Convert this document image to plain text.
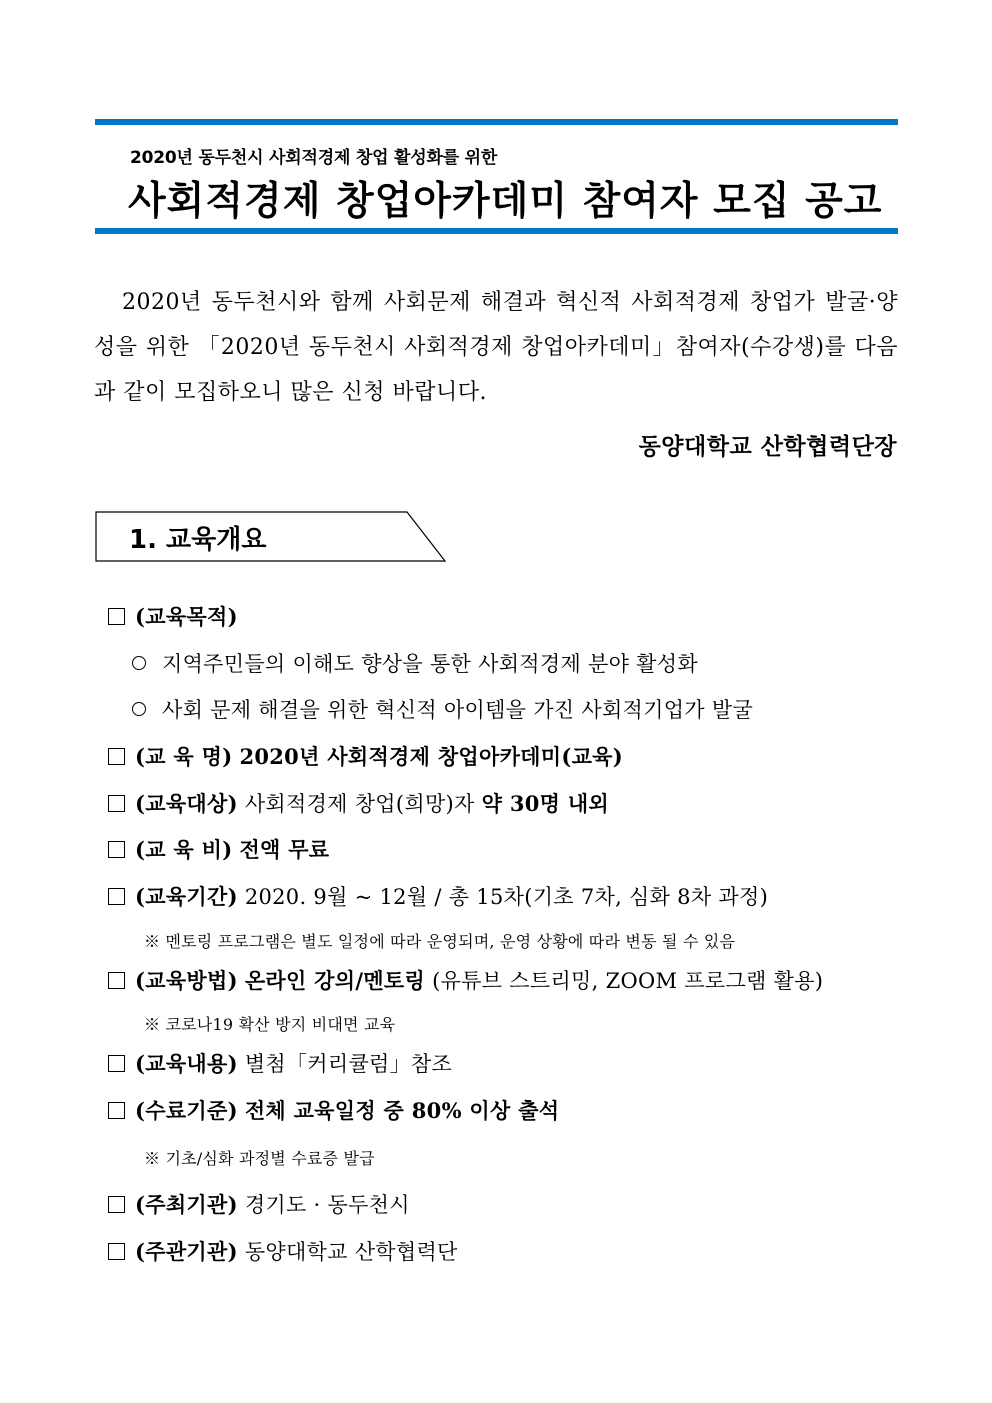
2020년 동두천시 사회적경제 창업 활성화를 위한
사회적경제 창업아카데미 참여자 모집 공고
2020년 동두천시와 함께 사회문제 해결과 혁신적 사회적경제 창업가 발굴·양성을 위한 「2020년 동두천시 사회적경제 창업아카데미」참여자(수강생)를 다음과 같이 모집하오니 많은 신청 바랍니다.
동양대학교 산학협력단장
1. 교육개요
(교육목적)
지역주민들의 이해도 향상을 통한 사회적경제 분야 활성화
사회 문제 해결을 위한 혁신적 아이템을 가진 사회적기업가 발굴
(교 육 명) 2020년 사회적경제 창업아카데미(교육)
(교육대상) 사회적경제 창업(희망)자 약 30명 내외
(교 육 비) 전액 무료
(교육기간) 2020. 9월 ~ 12월 / 총 15차(기초 7차, 심화 8차 과정)
※ 멘토링 프로그램은 별도 일정에 따라 운영되며, 운영 상황에 따라 변동 될 수 있음
(교육방법) 온라인 강의/멘토링 (유튜브 스트리밍, ZOOM 프로그램 활용)
※ 코로나19 확산 방지 비대면 교육
(교육내용) 별첨「커리큘럼」참조
(수료기준) 전체 교육일정 중 80% 이상 출석
※ 기초/심화 과정별 수료증 발급
(주최기관) 경기도 · 동두천시
(주관기관) 동양대학교 산학협력단
